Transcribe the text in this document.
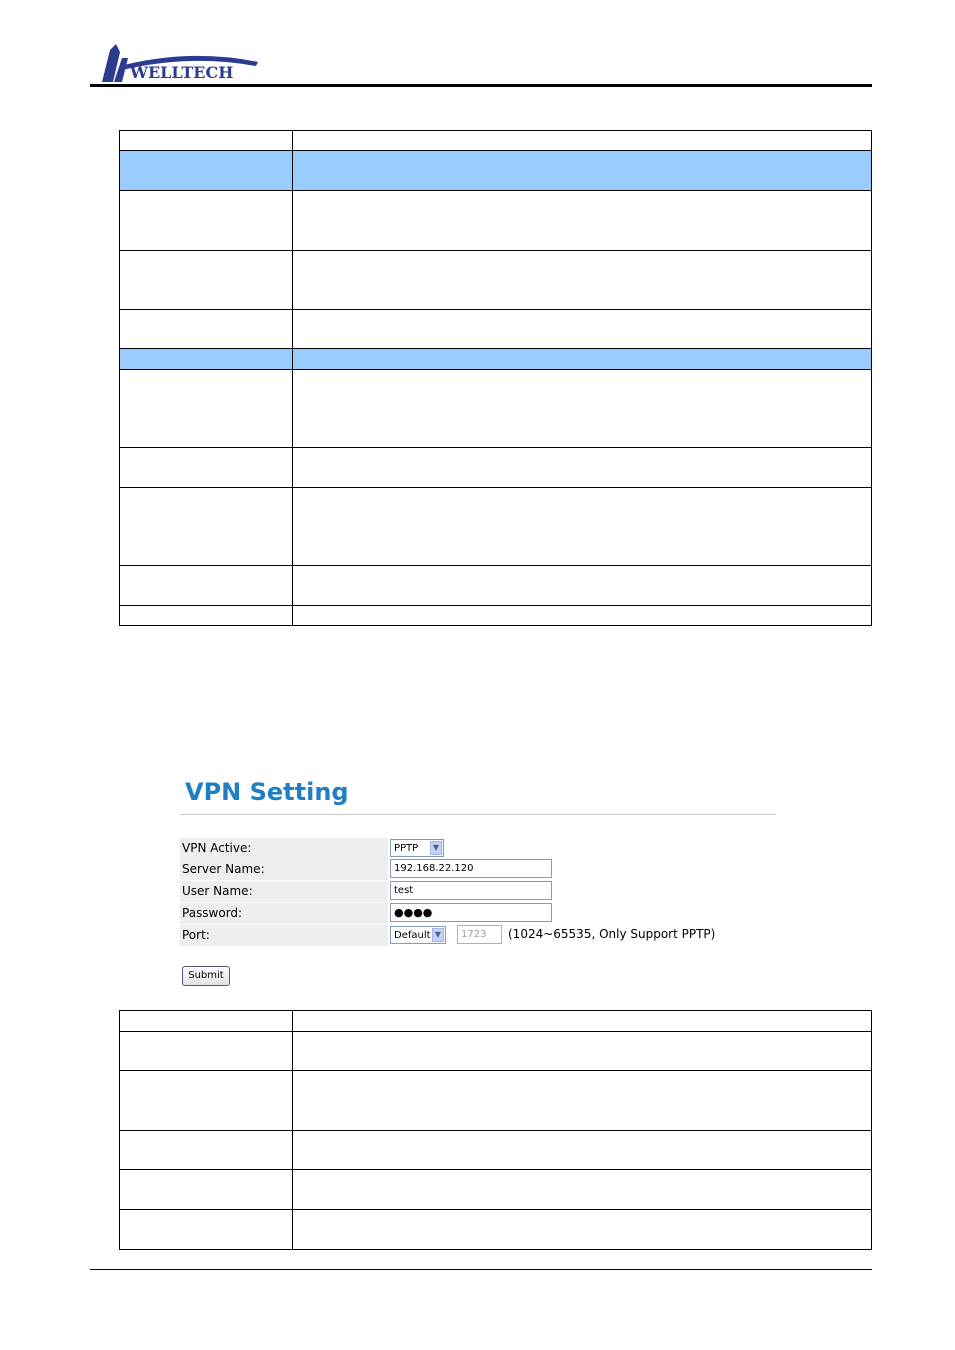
WELLTECH

VPN Setting
VPN Active:	PPTP	▼
Server Name:	192.168.22.120
User Name:	test
Password:	●●●●
Port:	Default ▼	1723	(1024~65535, Only Support PPTP)
Submit
